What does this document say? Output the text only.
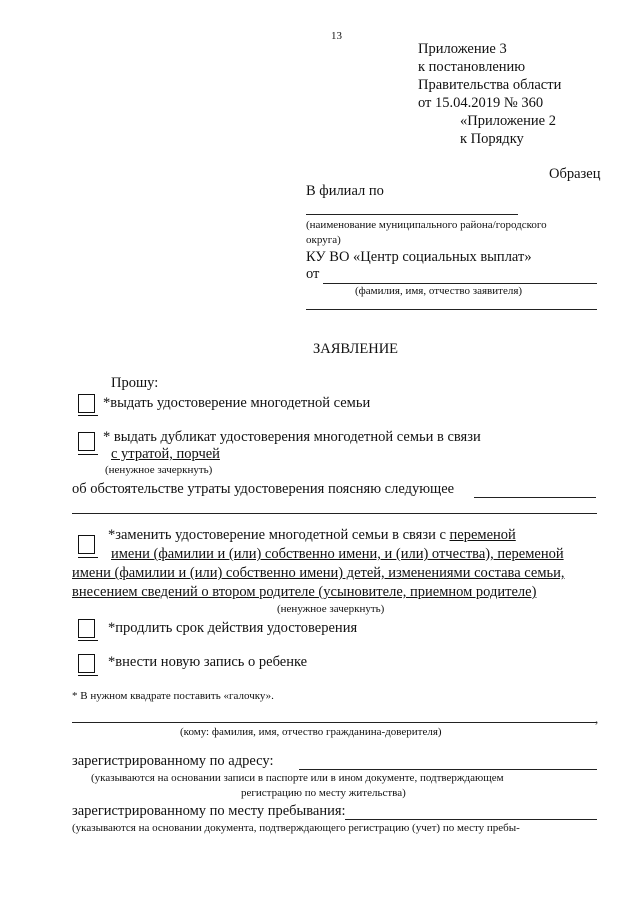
13
Приложение 3
к постановлению
Правительства области
от 15.04.2019 № 360
«Приложение 2
к Порядку
Образец
В филиал по
(наименование муниципального района/городского
округа)
КУ ВО «Центр социальных выплат»
от
(фамилия, имя, отчество заявителя)
ЗАЯВЛЕНИЕ
Прошу:
*выдать удостоверение многодетной семьи
* выдать дубликат удостоверения многодетной семьи в связи
с утратой, порчей
(ненужное зачеркнуть)
об обстоятельстве утраты удостоверения поясняю следующее
*заменить удостоверение многодетной семьи в связи с переменой
имени (фамилии и (или) собственно имени, и (или) отчества), переменой
имени (фамилии и (или) собственно имени) детей, изменениями состава семьи,
внесением сведений о втором родителе (усыновителе, приемном родителе)
(ненужное зачеркнуть)
*продлить срок действия удостоверения
*внести новую запись о ребенке
* В нужном квадрате поставить «галочку».
,
(кому: фамилия, имя, отчество гражданина-доверителя)
зарегистрированному по адресу:
(указываются на основании записи в паспорте или в ином документе, подтверждающем
регистрацию по месту жительства)
зарегистрированному по месту пребывания:
(указываются на основании документа, подтверждающего регистрацию (учет) по месту пребы-
